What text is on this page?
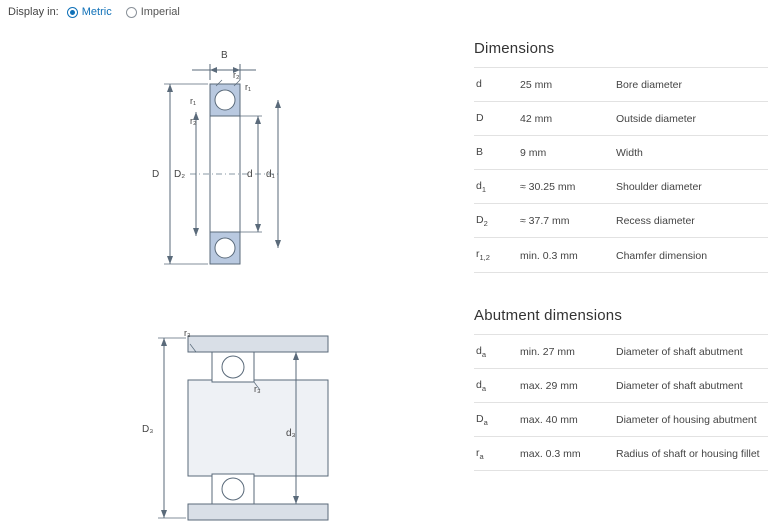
Display in: Metric	Imperial
B
r₂
r₁
r₁
r₂
D D₂	d d₁
r₃
r₃
D₃	d₃
Dimensions
d	25 mm	Bore diameter
D	42 mm	Outside diameter
B	9 mm	Width
$d_1$	≈ 30.25 mm	Shoulder diameter
$D_2$	≈ 37.7 mm	Recess diameter
$r_{1,2}$	min. 0.3 mm	Chamfer dimension
Abutment dimensions
$d_a$	min. 27 mm	Diameter of shaft abutment
$d_a$	max. 29 mm	Diameter of shaft abutment
$D_a$	max. 40 mm	Diameter of housing abutment
$r_a$	max. 0.3 mm	Radius of shaft or housing fillet
